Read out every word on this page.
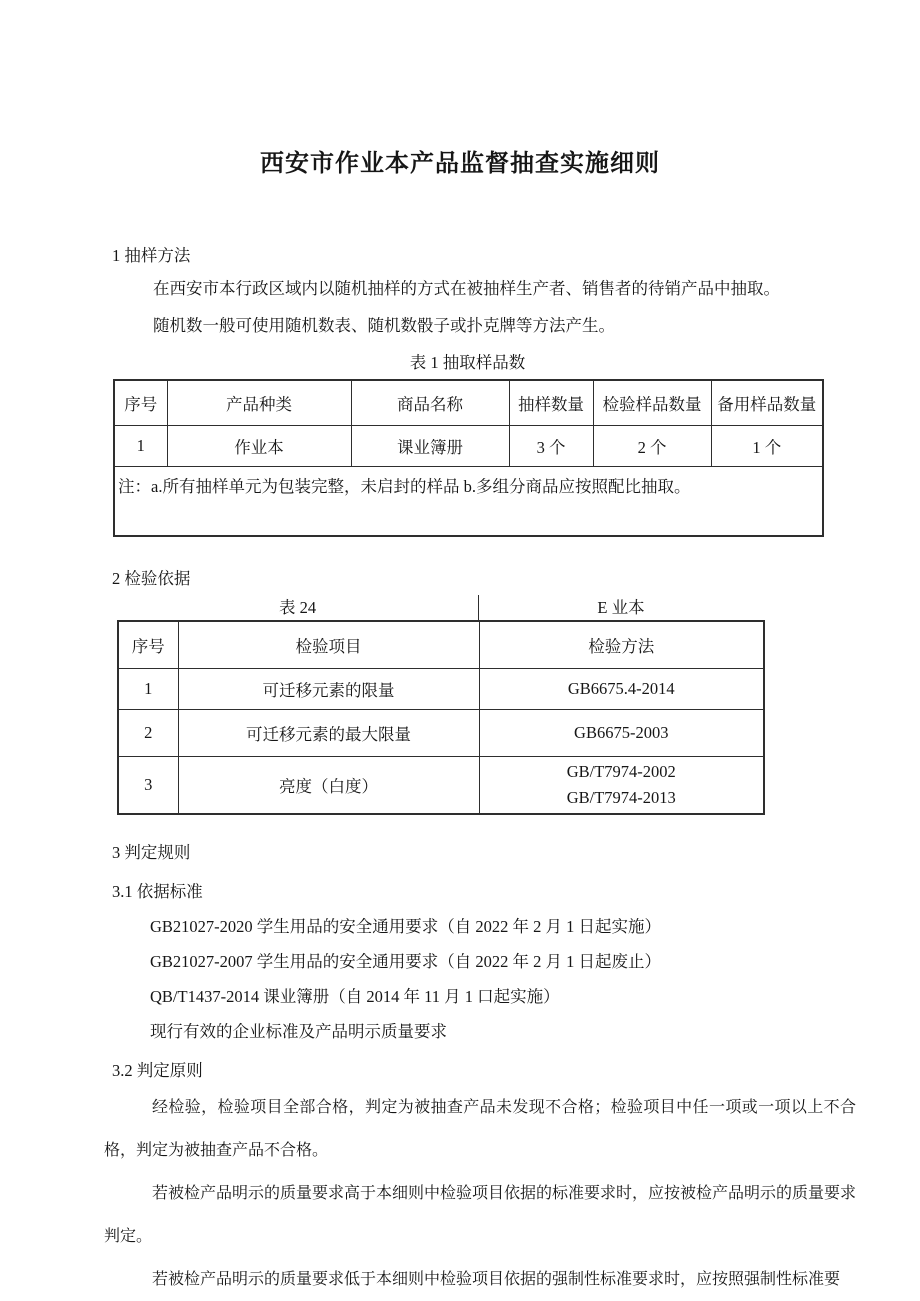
西安市作业本产品监督抽查实施细则
1 抽样方法

在西安市本行政区域内以随机抽样的方式在被抽样生产者、销售者的待销产品中抽取。

随机数一般可使用随机数表、随机数骰子或扑克牌等方法产生。

表 1 抽取样品数
序号	产品种类	商品名称	抽样数量	检验样品数量	备用样品数量
1	作业本	课业簿册	3 个	2 个	1 个
注：a.所有抽样单元为包装完整，未启封的样品 b.多组分商品应按照配比抽取。					
2 检验依据
表 24	E 业本
序号	检验项目	检验方法
1	可迁移元素的限量	GB6675.4-2014
2	可迁移元素的最大限量	GB6675-2003
3	亮度（白度）	GB/T7974-2002
GB/T7974-2013
3 判定规则
3.1 依据标准
GB21027-2020 学生用品的安全通用要求（自 2022 年 2 月 1 日起实施）
GB21027-2007 学生用品的安全通用要求（自 2022 年 2 月 1 日起废止）
QB/T1437-2014 课业簿册（自 2014 年 11 月 1 口起实施）
现行有效的企业标准及产品明示质量要求
3.2 判定原则

经检验，检验项目全部合格，判定为被抽查产品未发现不合格；检验项目中任一项或一项以上不合格，判定为被抽查产品不合格。

若被检产品明示的质量要求高于本细则中检验项目依据的标准要求时，应按被检产品明示的质量要求判定。

若被检产品明示的质量要求低于本细则中检验项目依据的强制性标准要求时，应按照强制性标准要
